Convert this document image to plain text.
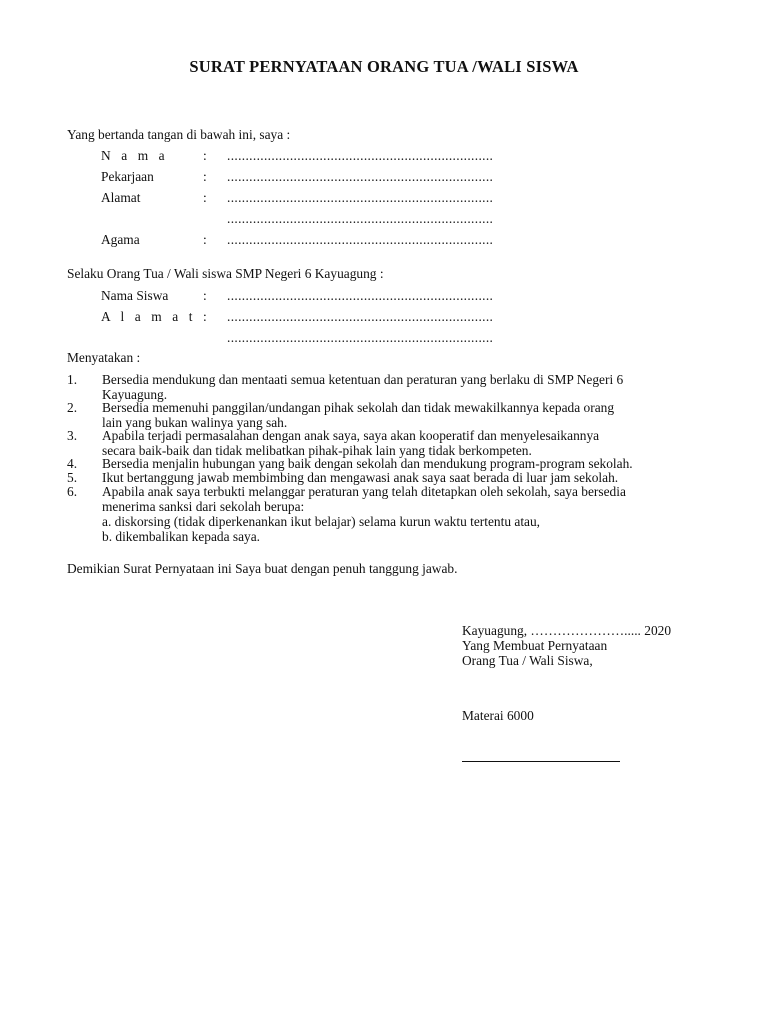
SURAT PERNYATAAN ORANG TUA /WALI SISWA
Yang bertanda tangan di bawah ini, saya :
N a m a	: ........................................................................
Pekarjaan	: ........................................................................
Alamat	: ........................................................................
........................................................................
Agama	: ........................................................................
Selaku Orang Tua / Wali siswa SMP Negeri 6 Kayuagung :
Nama Siswa	: ........................................................................
A l a m a t : ........................................................................
........................................................................
Menyatakan :
1. Bersedia mendukung dan mentaati semua ketentuan dan peraturan yang berlaku di SMP Negeri 6
Kayuagung.
2. Bersedia memenuhi panggilan/undangan pihak sekolah dan tidak mewakilkannya kepada orang
lain yang bukan walinya yang sah.
3. Apabila terjadi permasalahan dengan anak saya, saya akan kooperatif dan menyelesaikannya
secara baik-baik dan tidak melibatkan pihak-pihak lain yang tidak berkompeten.
4. Bersedia menjalin hubungan yang baik dengan sekolah dan mendukung program-program sekolah.
5. Ikut bertanggung jawab membimbing dan mengawasi anak saya saat berada di luar jam sekolah.
6. Apabila anak saya terbukti melanggar peraturan yang telah ditetapkan oleh sekolah, saya bersedia
menerima sanksi dari sekolah berupa:
a. diskorsing (tidak diperkenankan ikut belajar) selama kurun waktu tertentu atau,
b. dikembalikan kepada saya.
Demikian Surat Pernyataan ini Saya buat dengan penuh tanggung jawab.
Kayuagung, …………………..... 2020
Yang Membuat Pernyataan
Orang Tua / Wali Siswa,
Materai 6000
